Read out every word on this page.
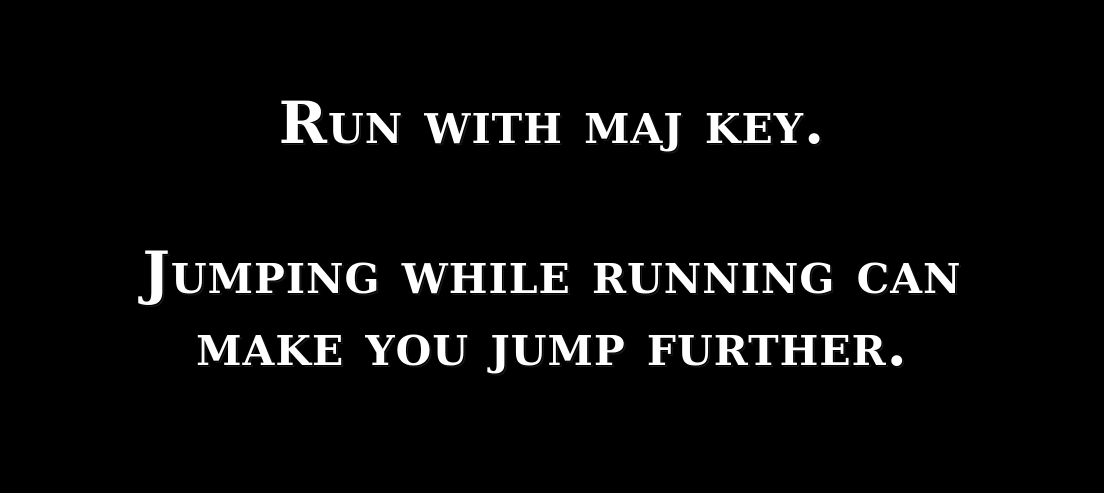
Run with maj key.
Jumping while running can
make you jump further.
